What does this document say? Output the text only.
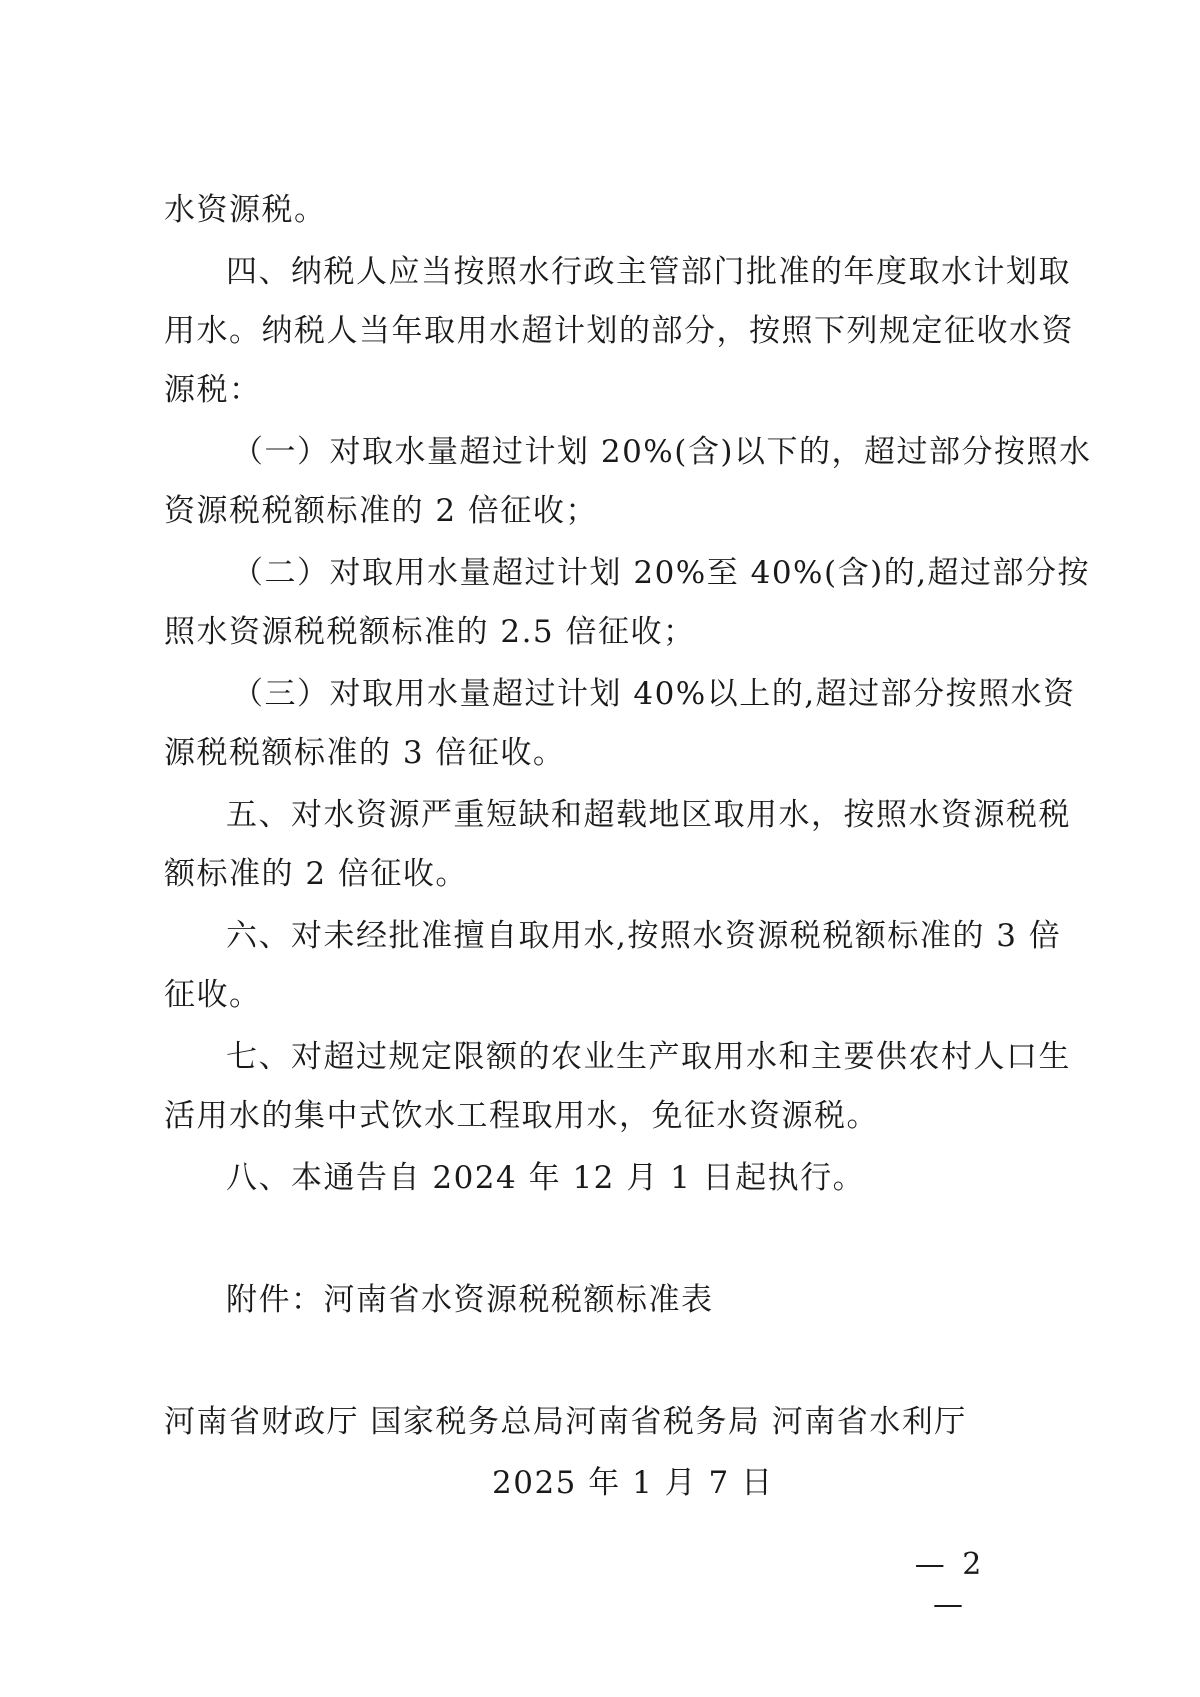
水资源税。
四、纳税人应当按照水行政主管部门批准的年度取水计划取
用水。纳税人当年取用水超计划的部分，按照下列规定征收水资
源税：
（一）对取水量超过计划 20%(含)以下的，超过部分按照水
资源税税额标准的 2 倍征收；
（二）对取用水量超过计划 20%至 40%(含)的,超过部分按
照水资源税税额标准的 2.5 倍征收；
（三）对取用水量超过计划 40%以上的,超过部分按照水资
源税税额标准的 3 倍征收。
五、对水资源严重短缺和超载地区取用水，按照水资源税税
额标准的 2 倍征收。
六、对未经批准擅自取用水,按照水资源税税额标准的 3 倍
征收。
七、对超过规定限额的农业生产取用水和主要供农村人口生
活用水的集中式饮水工程取用水，免征水资源税。
八、本通告自 2024 年 12 月 1 日起执行。
附件：河南省水资源税税额标准表
河南省财政厅 国家税务总局河南省税务局 河南省水利厅
2025 年 1 月 7 日
— 2 —
